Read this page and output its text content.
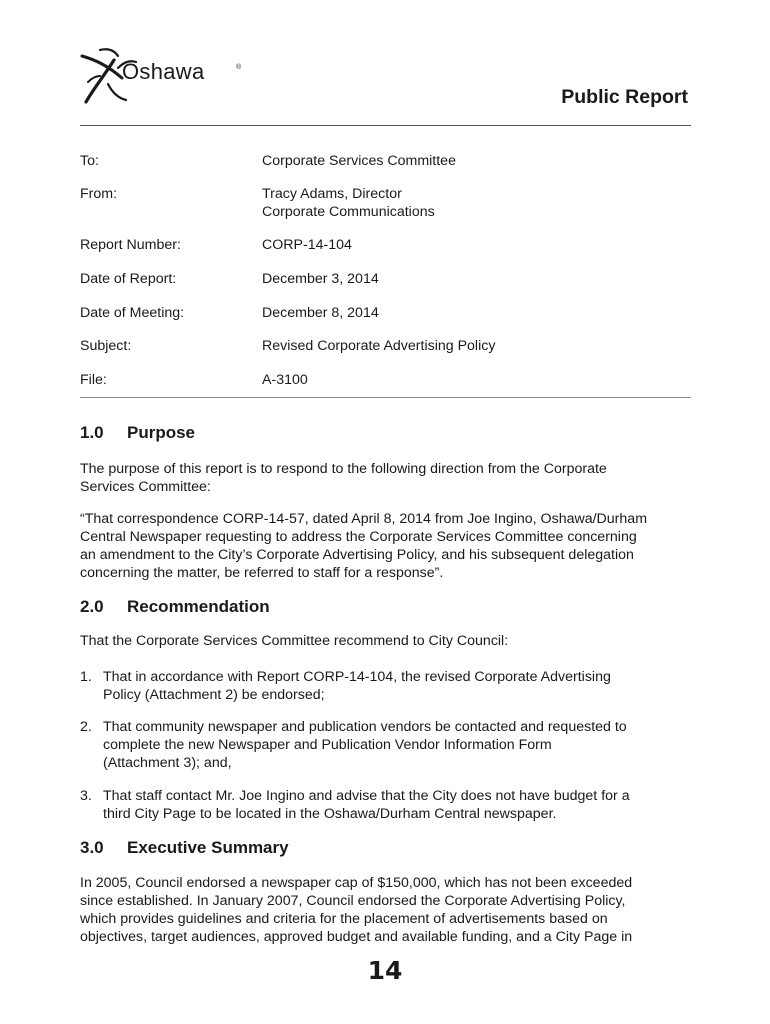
Oshawa	®
Public Report
To:	Corporate Services Committee
From:	Tracy Adams, Director
Corporate Communications
Report Number:	CORP-14-104
Date of Report:	December 3, 2014
Date of Meeting:	December 8, 2014
Subject:	Revised Corporate Advertising Policy
File:	A-3100
1.0 Purpose
The purpose of this report is to respond to the following direction from the Corporate
Services Committee:
“That correspondence CORP-14-57, dated April 8, 2014 from Joe Ingino, Oshawa/Durham
Central Newspaper requesting to address the Corporate Services Committee concerning
an amendment to the City’s Corporate Advertising Policy, and his subsequent delegation
concerning the matter, be referred to staff for a response”.
2.0 Recommendation
That the Corporate Services Committee recommend to City Council:
1. That in accordance with Report CORP-14-104, the revised Corporate Advertising
Policy (Attachment 2) be endorsed;
2. That community newspaper and publication vendors be contacted and requested to
complete the new Newspaper and Publication Vendor Information Form
(Attachment 3); and,
3. That staff contact Mr. Joe Ingino and advise that the City does not have budget for a
third City Page to be located in the Oshawa/Durham Central newspaper.
3.0 Executive Summary
In 2005, Council endorsed a newspaper cap of $150,000, which has not been exceeded
since established. In January 2007, Council endorsed the Corporate Advertising Policy,
which provides guidelines and criteria for the placement of advertisements based on
objectives, target audiences, approved budget and available funding, and a City Page in
14
